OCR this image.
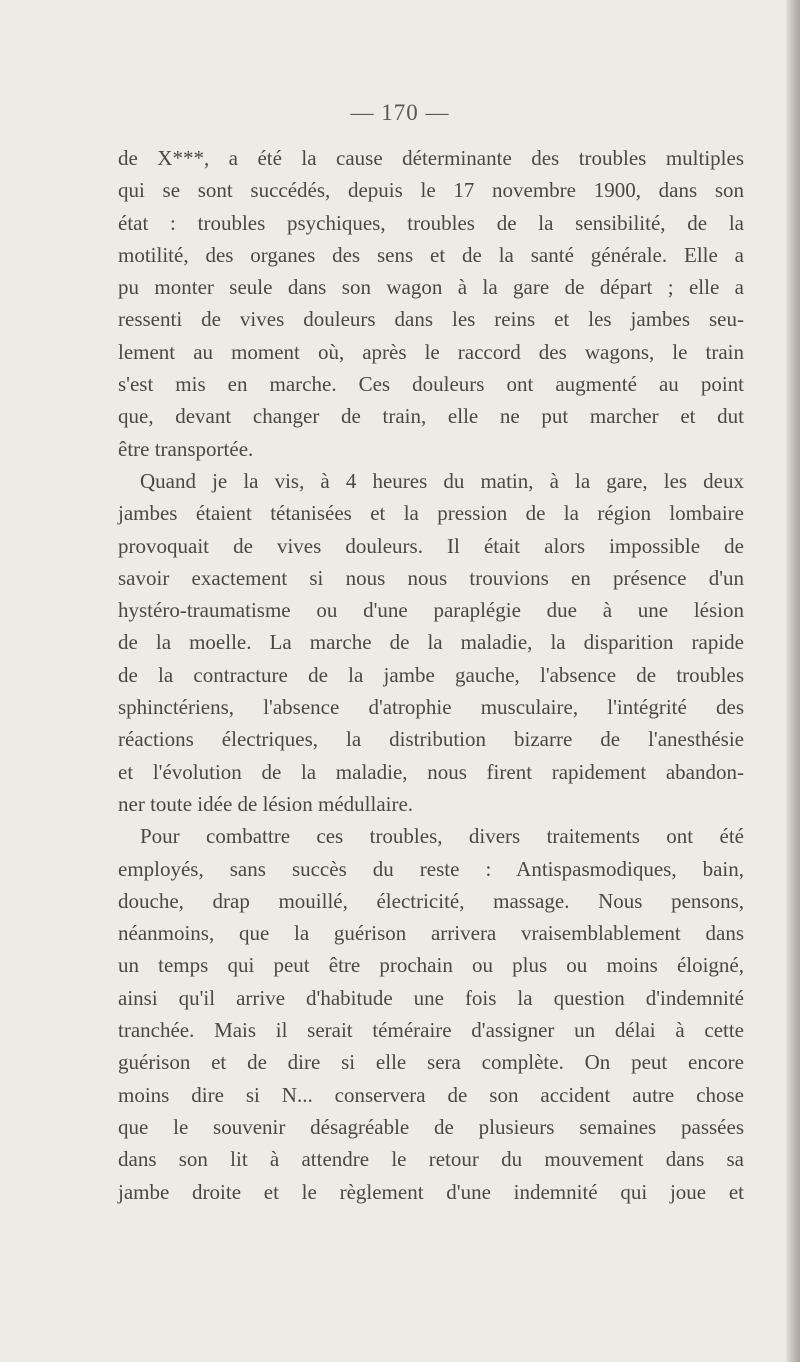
— 170 —
de X***, a été la cause déterminante des troubles multiples
qui se sont succédés, depuis le 17 novembre 1900, dans son
état : troubles psychiques, troubles de la sensibilité, de la
motilité, des organes des sens et de la santé générale. Elle a
pu monter seule dans son wagon à la gare de départ ; elle a
ressenti de vives douleurs dans les reins et les jambes seu-
lement au moment où, après le raccord des wagons, le train
s'est mis en marche. Ces douleurs ont augmenté au point
que, devant changer de train, elle ne put marcher et dut
être transportée.
Quand je la vis, à 4 heures du matin, à la gare, les deux
jambes étaient tétanisées et la pression de la région lombaire
provoquait de vives douleurs. Il était alors impossible de
savoir exactement si nous nous trouvions en présence d'un
hystéro-traumatisme ou d'une paraplégie due à une lésion
de la moelle. La marche de la maladie, la disparition rapide
de la contracture de la jambe gauche, l'absence de troubles
sphinctériens, l'absence d'atrophie musculaire, l'intégrité des
réactions électriques, la distribution bizarre de l'anesthésie
et l'évolution de la maladie, nous firent rapidement abandon-
ner toute idée de lésion médullaire.
Pour combattre ces troubles, divers traitements ont été
employés, sans succès du reste : Antispasmodiques, bain,
douche, drap mouillé, électricité, massage. Nous pensons,
néanmoins, que la guérison arrivera vraisemblablement dans
un temps qui peut être prochain ou plus ou moins éloigné,
ainsi qu'il arrive d'habitude une fois la question d'indemnité
tranchée. Mais il serait téméraire d'assigner un délai à cette
guérison et de dire si elle sera complète. On peut encore
moins dire si N... conservera de son accident autre chose
que le souvenir désagréable de plusieurs semaines passées
dans son lit à attendre le retour du mouvement dans sa
jambe droite et le règlement d'une indemnité qui joue et
